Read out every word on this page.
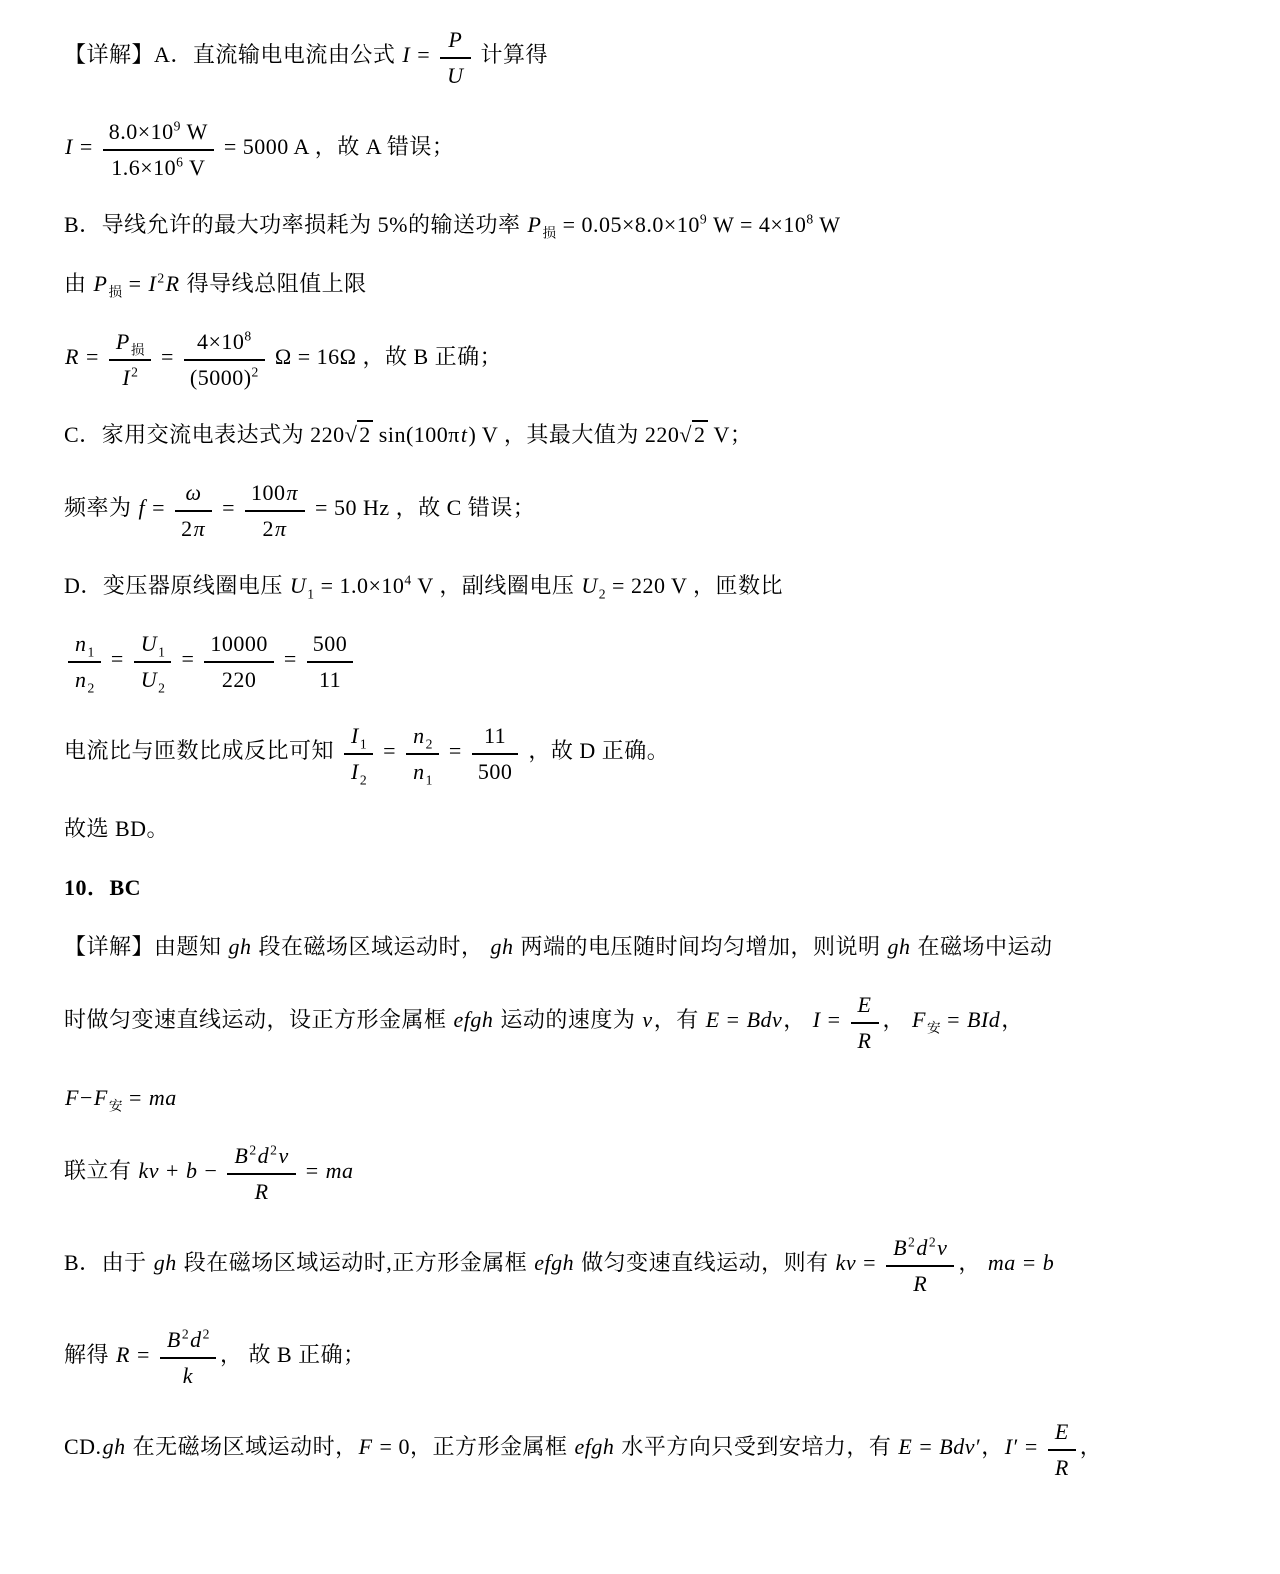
【详解】A．直流输电电流由公式 $I = \frac{P}{U}$ 计算得
$I = \frac{8.0\times 10^9 W}{1.6\times 10^6 V} = 5000$ A ，故 A 错误；
B．导线允许的最大功率损耗为 5%的输送功率 $P_损 = 0.05\times 8.0\times 10^9$ $W = 4\times 10^8$ W
由 $P_损 = I^2R$ 得导线总阻值上限
$R = \frac{P_损}{I^2} = \frac{4\times 10^8}{(5000)^2}$ Ω = 16Ω ，故 B 正确；
C．家用交流电表达式为 220√2 sin(100πt) V ，其最大值为 220√2 V；
频率为 $f = \frac{\omega}{2\pi} = \frac{100\pi}{2\pi} = 50$ Hz ，故 C 错误；
D．变压器原线圈电压 $U_1 = 1.0\times 10^4$ V ，副线圈电压 $U_2 = 220$ V ，匝数比
$\frac{n_1}{n_2} = \frac{U_1}{U_2} = \frac{10000}{220} = \frac{500}{11}$
电流比与匝数比成反比可知 $\frac{I_1}{I_2} = \frac{n_2}{n_1} = \frac{11}{500}$ ，故 D 正确。
故选 BD。
10．BC
【详解】由题知 gh 段在磁场区域运动时， gh 两端的电压随时间均匀增加，则说明 gh 在磁场中运动
时做匀变速直线运动，设正方形金属框 efgh 运动的速度为 v，有 E = Bdv， $I = \frac{E}{R}$ ， $F_安$ = BId，
$F-F_安$ = ma
联立有 kv + $b - \frac{B^2d^2v}{R}$ = ma
B．由于 gh 段在磁场区域运动时,正方形金属框 efgh 做匀变速直线运动，则有 kv = $\frac{B^2d^2v}{R}$ ， ma = b
解得 $R = \frac{B^2d^2}{k}$ ， 故 B 正确；
CD.gh 在无磁场区域运动时，F = 0，正方形金属框 efgh 水平方向只受到安培力，有 E = Bdv′，$I' = \frac{E}{R}$ ，
